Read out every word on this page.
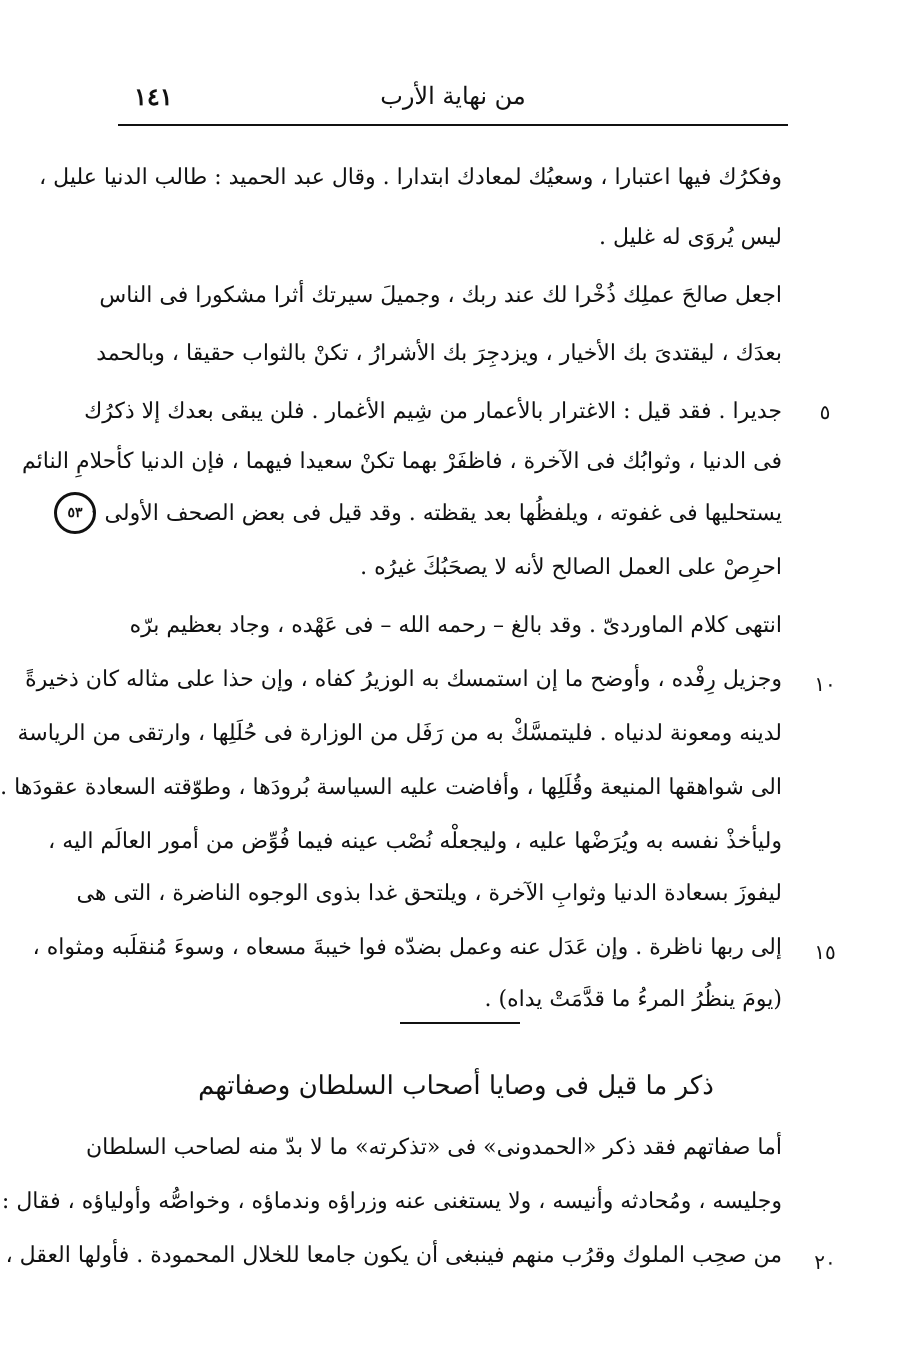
من نهاية الأرب
١٤١
٥٣
وفكرُك فيها اعتبارا ، وسعيُك لمعادك ابتدارا . وقال عبد الحميد : طالب الدنيا عليل ،
ليس يُروَى له غليل .
اجعل صالحَ عملِك ذُخْرا لك عند ربك ، وجميلَ سيرتك أثرا مشكورا فى الناس
بعدَك ، ليقتدىَ بك الأخيار ، ويزدجِرَ بك الأشرارُ ، تكنْ بالثواب حقيقا ، وبالحمد
جديرا . فقد قيل : الاغترار بالأعمار من شِيم الأغمار . فلن يبقى بعدك إلا ذكرُك
فى الدنيا ، وثوابُك فى الآخرة ، فاظفَرْ بهما تكنْ سعيدا فيهما ، فإن الدنيا كأحلامِ النائم
يستحليها فى غفوته ، ويلفظُها بعد يقظته . وقد قيل فى بعض الصحف الأولى :
احرِصْ على العمل الصالح لأنه لا يصحَبُكَ غيرُه .
انتهى كلام الماوردىّ . وقد بالغ – رحمه الله – فى عَهْده ، وجاد بعظيم برّه
وجزيل رِفْده ، وأوضح ما إن استمسك به الوزيرُ كفاه ، وإن حذا على مثاله كان ذخيرةً
لدينه ومعونة لدنياه . فليتمسَّكْ به من رَفَل من الوزارة فى حُلَلِها ، وارتقى من الرياسة
الى شواهقها المنيعة وقُلَلِها ، وأفاضت عليه السياسة بُرودَها ، وطوّقته السعادة عقودَها .
وليأخذْ نفسه به ويُرَضْها عليه ، وليجعلْه نُصْب عينه فيما فُوِّض من أمور العالَم اليه ،
ليفوزَ بسعادة الدنيا وثوابِ الآخرة ، ويلتحق غدا بذوى الوجوه الناضرة ، التى هى
إلى ربها ناظرة . وإن عَدَل عنه وعمل بضدّه فوا خيبةَ مسعاه ، وسوءَ مُنقلَبه ومثواه ،
(يومَ ينظُرُ المرءُ ما قدَّمَتْ يداه) .
ذكر ما قيل فى وصايا أصحاب السلطان وصفاتهم
أما صفاتهم فقد ذكر «الحمدونى» فى «تذكرته» ما لا بدّ منه لصاحب السلطان
وجليسه ، ومُحادثه وأنيسه ، ولا يستغنى عنه وزراؤه وندماؤه ، وخواصُّه وأولياؤه ، فقال :
من صحِب الملوك وقرُب منهم فينبغى أن يكون جامعا للخلال المحمودة . فأولها العقل ،
٥
١٠
١٥
٢٠
